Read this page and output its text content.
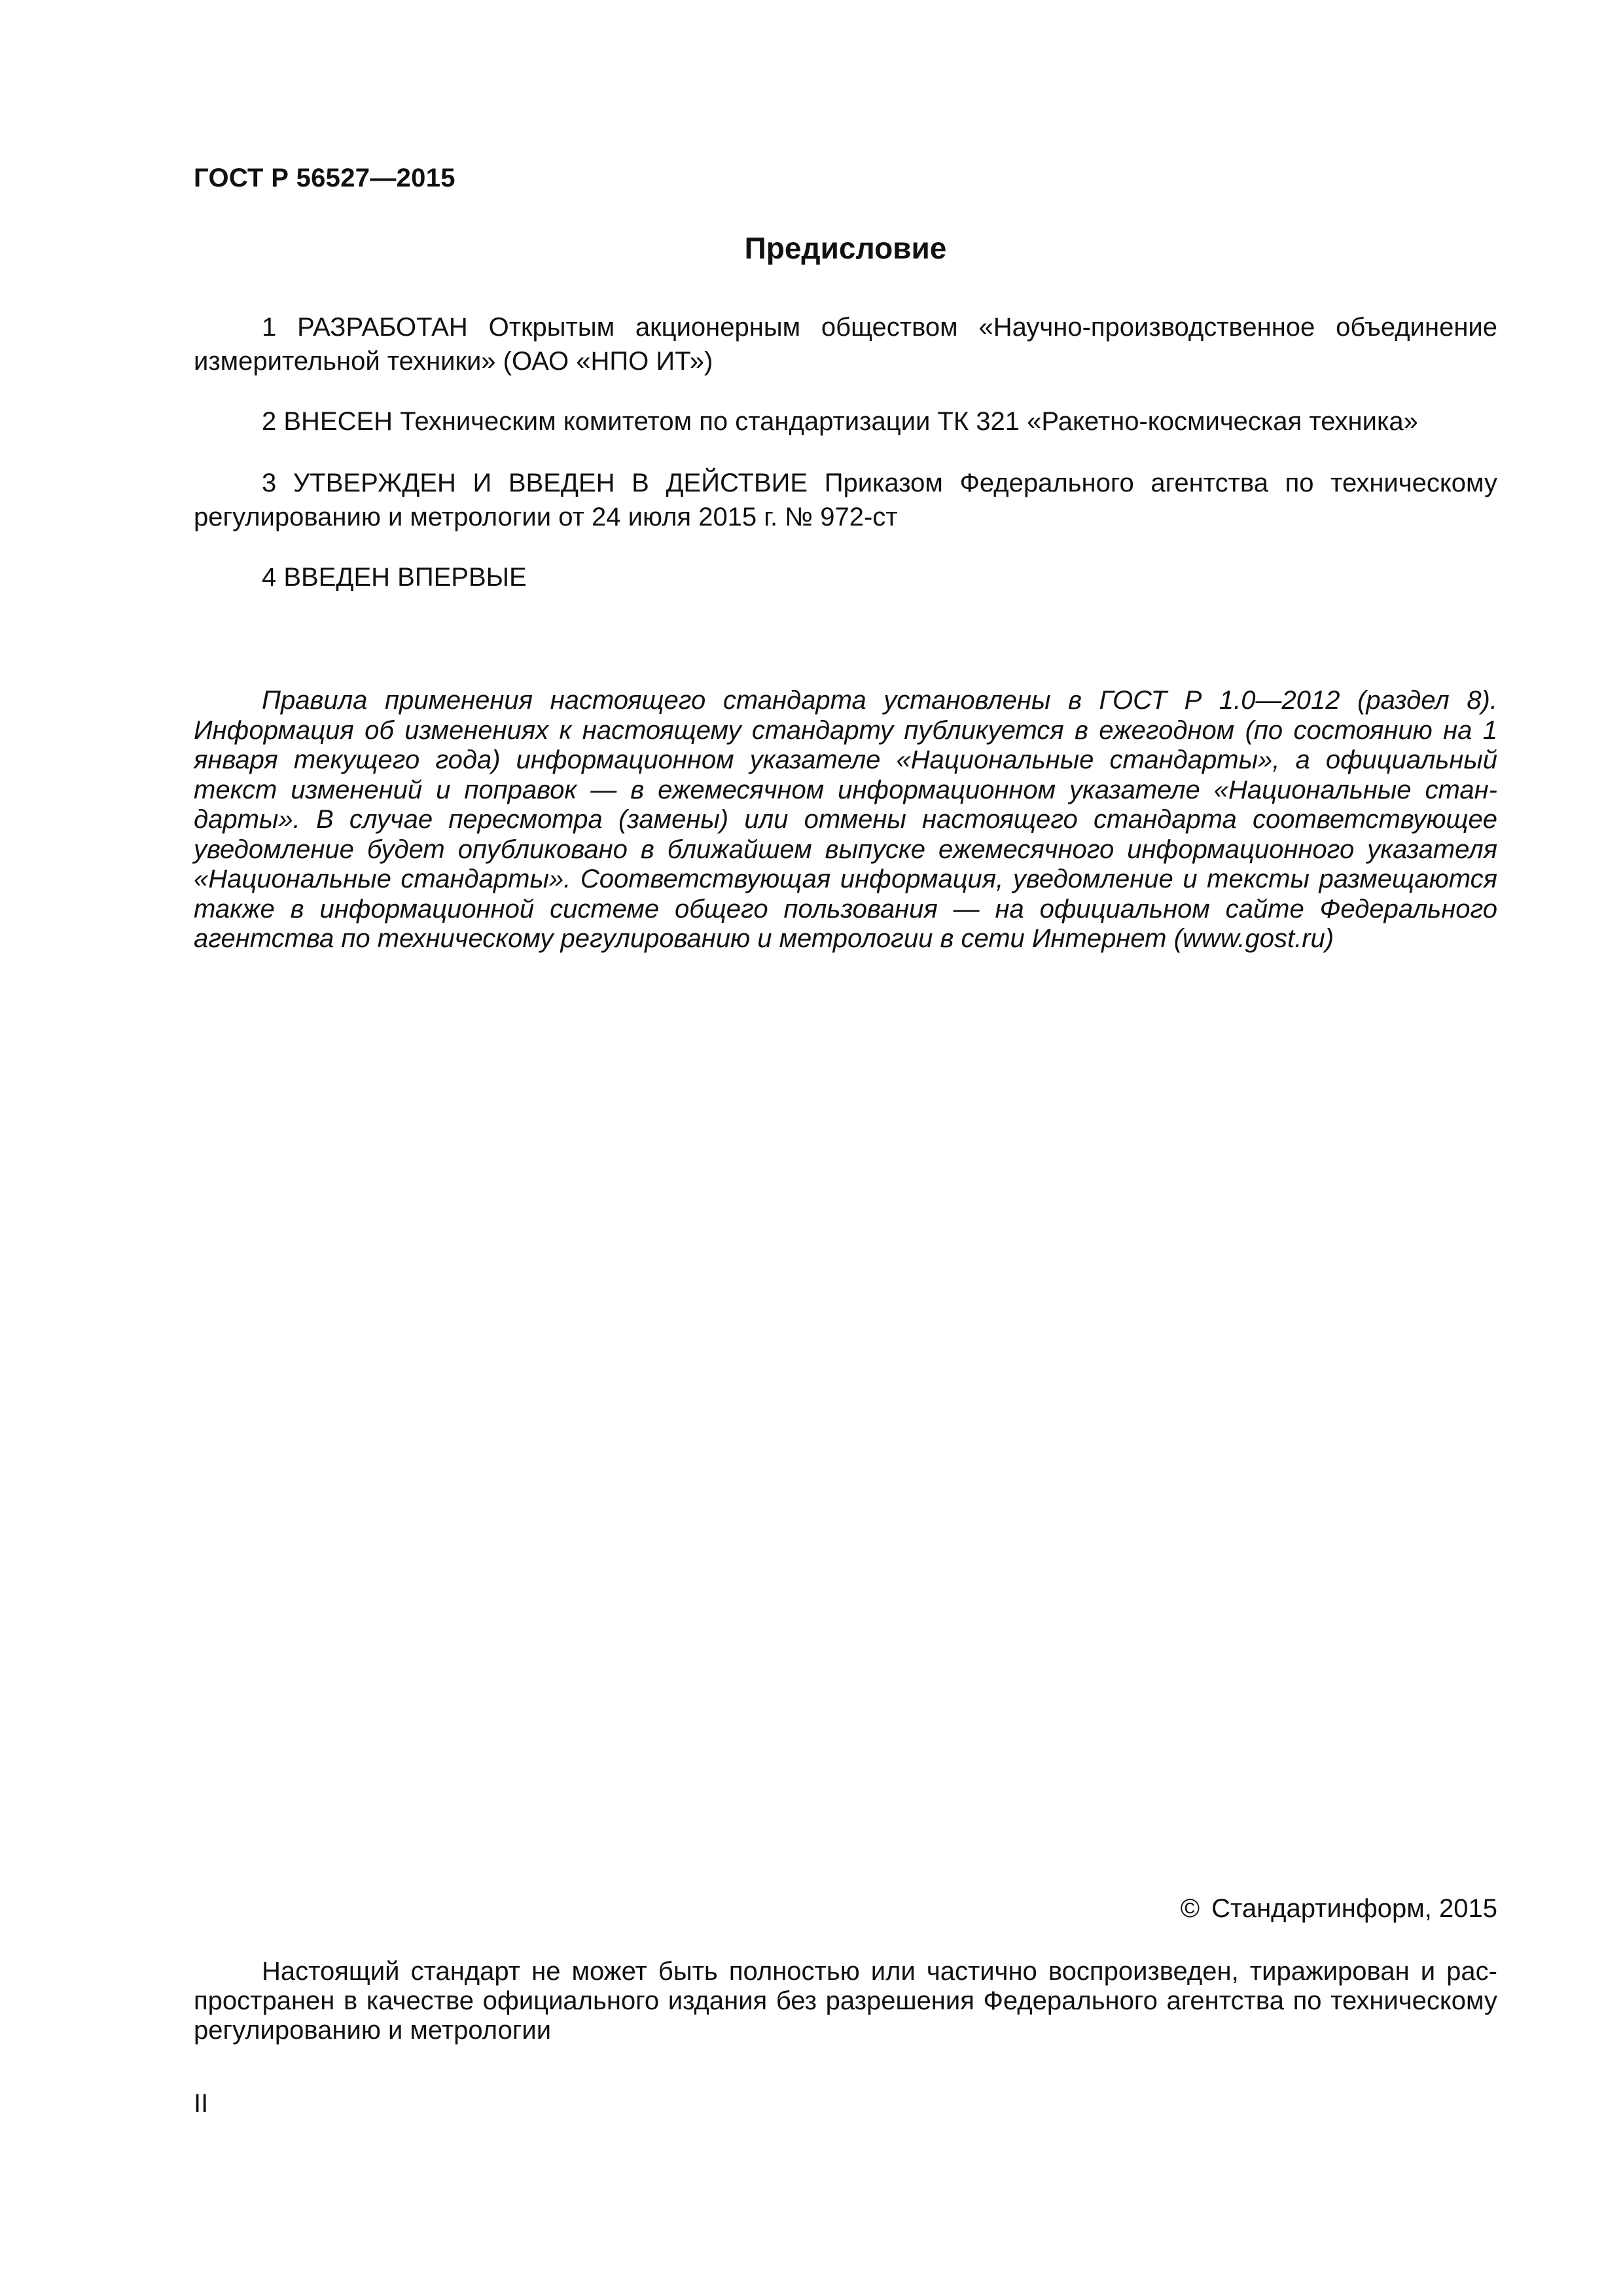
ГОСТ Р 56527—2015
Предисловие

1 РАЗРАБОТАН Открытым акционерным обществом «Научно-производственное объединение измерительной техники» (ОАО «НПО ИТ»)

2 ВНЕСЕН Техническим комитетом по стандартизации ТК 321 «Ракетно-космическая техника»

3 УТВЕРЖДЕН И ВВЕДЕН В ДЕЙСТВИЕ Приказом Федерального агентства по техническому регулированию и метрологии от 24 июля 2015 г. № 972-ст

4 ВВЕДЕН ВПЕРВЫЕ

Правила применения настоящего стандарта установлены в ГОСТ Р 1.0—2012 (раздел 8). Информация об изменениях к настоящему стандарту публикуется в ежегодном (по состоянию на 1 января текущего года) информационном указателе «Национальные стандарты», а официальный текст изменений и поправок — в ежемесячном информационном указателе «Национальные стандарты». В случае пересмотра (замены) или отмены настоящего стандарта соответствующее уведомление будет опубликовано в ближайшем выпуске ежемесячного информационного указателя «Национальные стандарты». Соответствующая информация, уведомление и тексты размещаются также в информационной системе общего пользования — на официальном сайте Федерального агентства по техническому регулированию и метрологии в сети Интернет (www.gost.ru)

© Стандартинформ, 2015

Настоящий стандарт не может быть полностью или частично воспроизведен, тиражирован и распространен в качестве официального издания без разрешения Федерального агентства по техническому регулированию и метрологии

II
